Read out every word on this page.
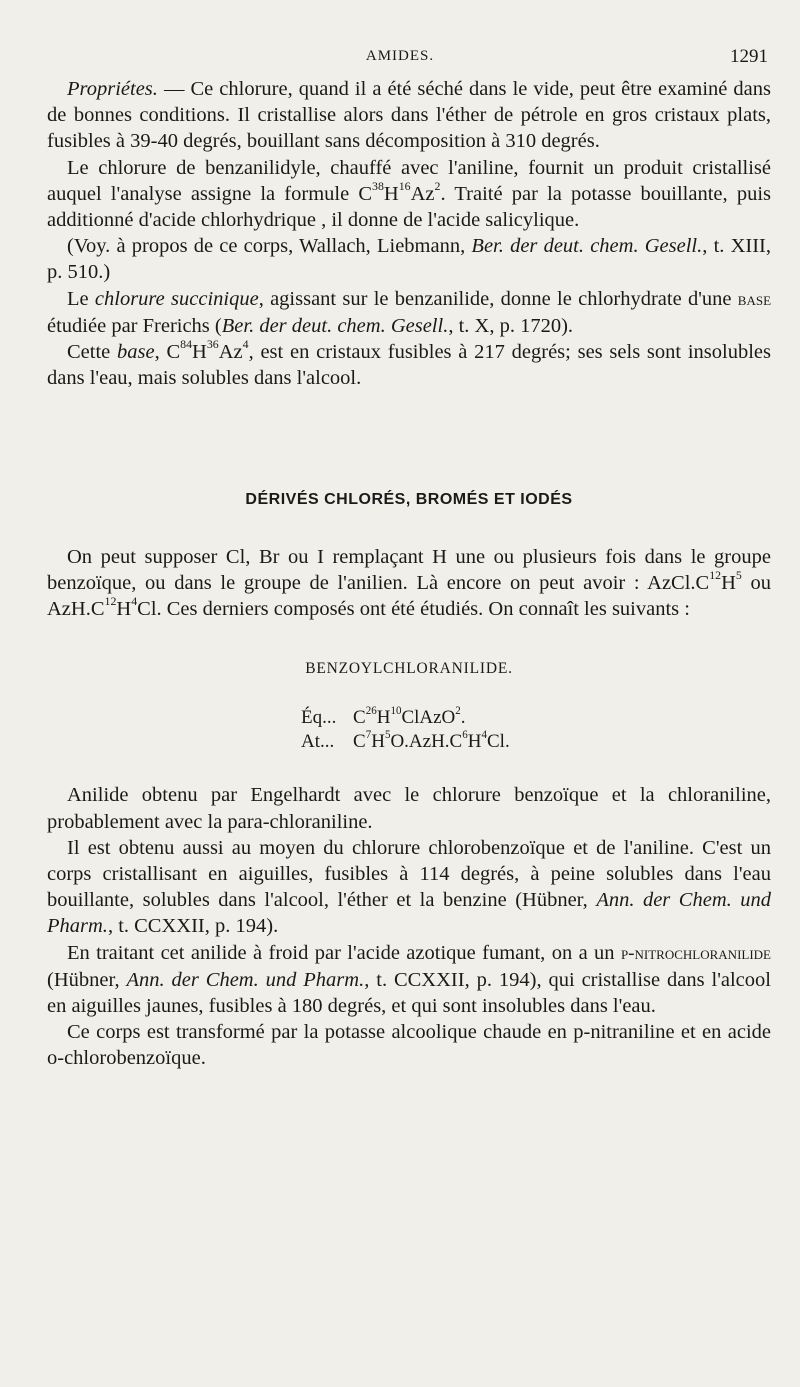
AMIDES.	1291

Propriétes. — Ce chlorure, quand il a été séché dans le vide, peut être examiné dans de bonnes conditions. Il cristallise alors dans l'éther de pétrole en gros cristaux plats, fusibles à 39-40 degrés, bouillant sans décomposition à 310 degrés.

Le chlorure de benzanilidyle, chauffé avec l'aniline, fournit un produit cristallisé auquel l'analyse assigne la formule $C^{38}H^{16}Az^2$. Traité par la potasse bouillante, puis additionné d'acide chlorhydrique , il donne de l'acide salicylique.

(Voy. à propos de ce corps, Wallach, Liebmann, Ber. der deut. chem. Gesell., t. XIII, p. 510.)

Le chlorure succinique, agissant sur le benzanilide, donne le chlorhydrate d'une base étudiée par Frerichs (Ber. der deut. chem. Gesell., t. X, p. 1720).

Cette base, $C^{84}H^{36}Az^4$, est en cristaux fusibles à 217 degrés; ses sels sont insolubles dans l'eau, mais solubles dans l'alcool.

DÉRIVÉS CHLORÉS, BROMÉS ET IODÉS

On peut supposer Cl, Br ou I remplaçant H une ou plusieurs fois dans le groupe benzoïque, ou dans le groupe de l'anilien. Là encore on peut avoir : $AzCl.C^{12}H^5$ ou $AzH.C^{12}H^4Cl$. Ces derniers composés ont été étudiés. On connaît les suivants :

BENZOYLCHLORANILIDE.
Éq... $C^{26}H^{10}ClAzO^2$.
At... $C^7H^5O.AzH.C^6H^4Cl$.

Anilide obtenu par Engelhardt avec le chlorure benzoïque et la chloraniline, probablement avec la para-chloraniline.

Il est obtenu aussi au moyen du chlorure chlorobenzoïque et de l'aniline. C'est un corps cristallisant en aiguilles, fusibles à 114 degrés, à peine solubles dans l'eau bouillante, solubles dans l'alcool, l'éther et la benzine (Hübner, Ann. der Chem. und Pharm., t. CCXXII, p. 194).

En traitant cet anilide à froid par l'acide azotique fumant, on a un p-nitrochloranilide (Hübner, Ann. der Chem. und Pharm., t. CCXXII, p. 194), qui cristallise dans l'alcool en aiguilles jaunes, fusibles à 180 degrés, et qui sont insolubles dans l'eau.

Ce corps est transformé par la potasse alcoolique chaude en p-nitraniline et en acide o-chlorobenzoïque.
